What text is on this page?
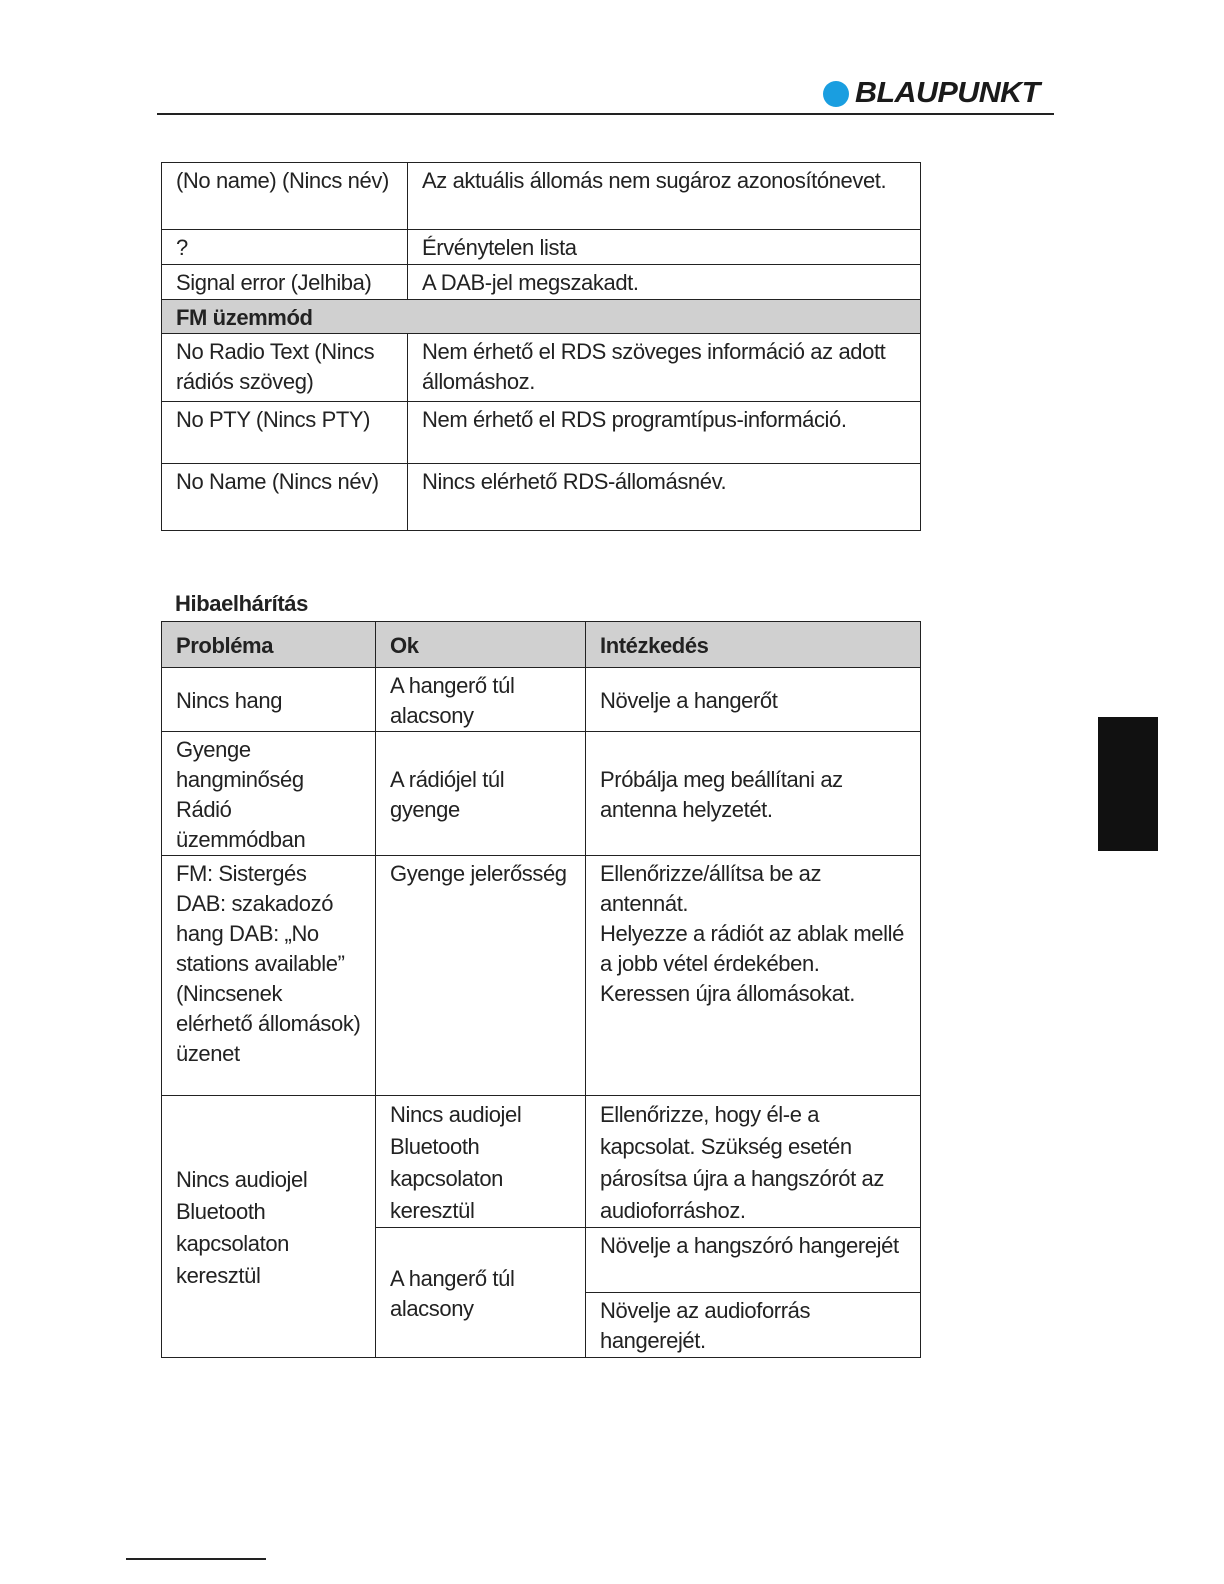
BLAUPUNKT
(No name) (Nincs név)	Az aktuális állomás nem sugároz azonosítónevet.
?	Érvénytelen lista
Signal error (Jelhiba)	A DAB-jel megszakadt.
FM üzemmód	
No Radio Text (Nincs rádiós szöveg)	Nem érhető el RDS szöveges információ az adott állomáshoz.
No PTY (Nincs PTY)	Nem érhető el RDS programtípus-információ.
No Name (Nincs név)	Nincs elérhető RDS-állomásnév.
Hibaelhárítás
Probléma	Ok	Intézkedés
Nincs hang	A hangerő túl alacsony	Növelje a hangerőt
Gyenge hangminőség Rádió üzemmódban	A rádiójel túl gyenge	Próbálja meg beállítani az antenna helyzetét.
FM: Sistergés DAB: szakadozó hang DAB: „No stations available” (Nincsenek elérhető állomások) üzenet	Gyenge jelerősség	Ellenőrizze/állítsa be az antennát.
Helyezze a rádiót az ablak mellé a jobb vétel érdekében.
Keressen újra állomásokat.
Nincs audiojel Bluetooth kapcsolaton keresztül	Nincs audiojel Bluetooth kapcsolaton keresztül	Ellenőrizze, hogy él-e a kapcsolat. Szükség esetén párosítsa újra a hangszórót az audioforráshoz.
	A hangerő túl alacsony	Növelje a hangszóró hangerejét
		Növelje az audioforrás hangerejét.
